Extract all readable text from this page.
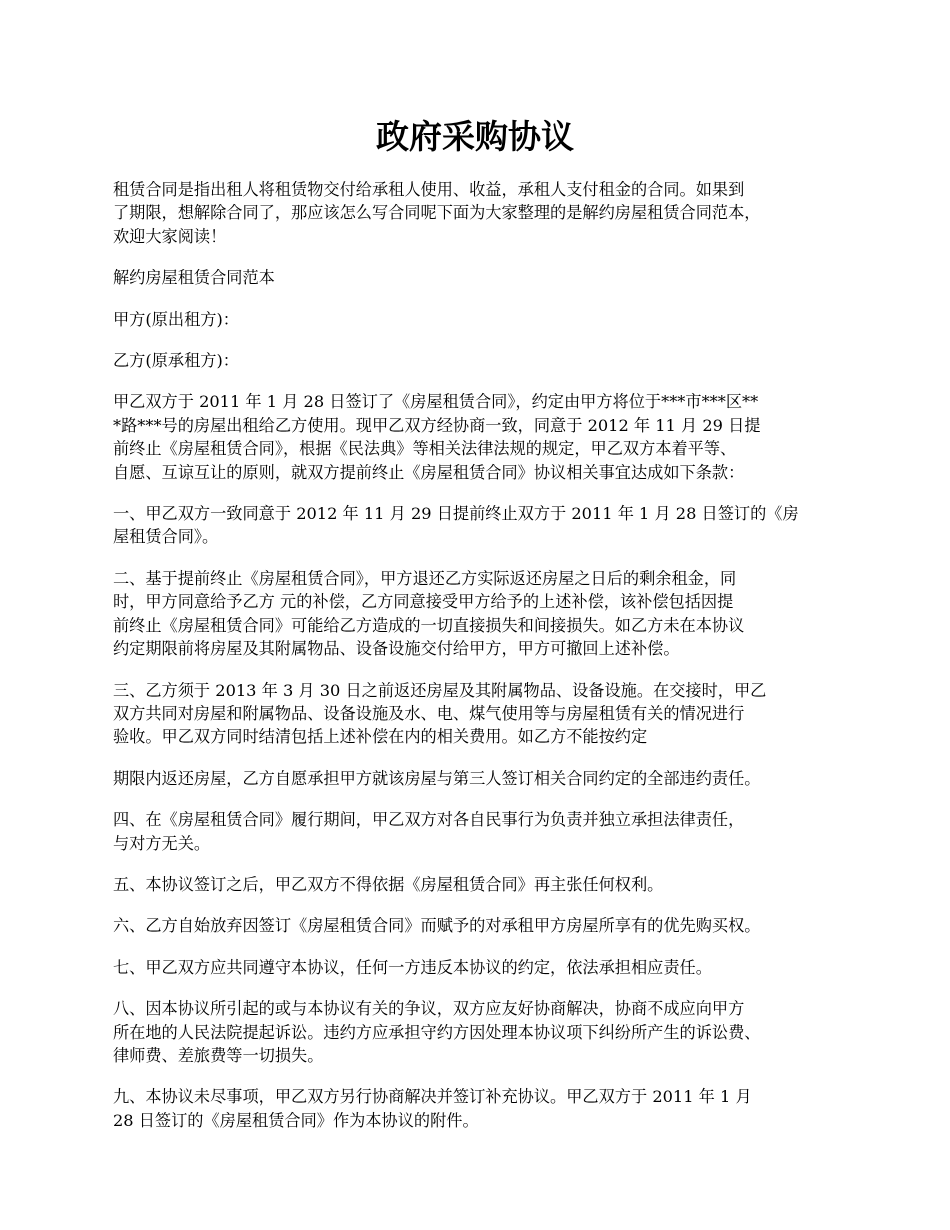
政府采购协议

租赁合同是指出租人将租赁物交付给承租人使用、收益，承租人支付租金的合同。如果到
了期限，想解除合同了，那应该怎么写合同呢下面为大家整理的是解约房屋租赁合同范本，
欢迎大家阅读！

解约房屋租赁合同范本

甲方(原出租方)：

乙方(原承租方)：

甲乙双方于 2011 年 1 月 28 日签订了《房屋租赁合同》，约定由甲方将位于***市***区**
*路***号的房屋出租给乙方使用。现甲乙双方经协商一致，同意于 2012 年 11 月 29 日提
前终止《房屋租赁合同》，根据《民法典》等相关法律法规的规定，甲乙双方本着平等、
自愿、互谅互让的原则，就双方提前终止《房屋租赁合同》协议相关事宜达成如下条款：

一、甲乙双方一致同意于 2012 年 11 月 29 日提前终止双方于 2011 年 1 月 28 日签订的《房
屋租赁合同》。

二、基于提前终止《房屋租赁合同》，甲方退还乙方实际返还房屋之日后的剩余租金，同
时，甲方同意给予乙方 元的补偿，乙方同意接受甲方给予的上述补偿，该补偿包括因提
前终止《房屋租赁合同》可能给乙方造成的一切直接损失和间接损失。如乙方未在本协议
约定期限前将房屋及其附属物品、设备设施交付给甲方，甲方可撤回上述补偿。

三、乙方须于 2013 年 3 月 30 日之前返还房屋及其附属物品、设备设施。在交接时，甲乙
双方共同对房屋和附属物品、设备设施及水、电、煤气使用等与房屋租赁有关的情况进行
验收。甲乙双方同时结清包括上述补偿在内的相关费用。如乙方不能按约定

期限内返还房屋，乙方自愿承担甲方就该房屋与第三人签订相关合同约定的全部违约责任。

四、在《房屋租赁合同》履行期间，甲乙双方对各自民事行为负责并独立承担法律责任，
与对方无关。

五、本协议签订之后，甲乙双方不得依据《房屋租赁合同》再主张任何权利。

六、乙方自始放弃因签订《房屋租赁合同》而赋予的对承租甲方房屋所享有的优先购买权。

七、甲乙双方应共同遵守本协议，任何一方违反本协议的约定，依法承担相应责任。

八、因本协议所引起的或与本协议有关的争议，双方应友好协商解决，协商不成应向甲方
所在地的人民法院提起诉讼。违约方应承担守约方因处理本协议项下纠纷所产生的诉讼费、
律师费、差旅费等一切损失。

九、本协议未尽事项，甲乙双方另行协商解决并签订补充协议。甲乙双方于 2011 年 1 月
28 日签订的《房屋租赁合同》作为本协议的附件。
